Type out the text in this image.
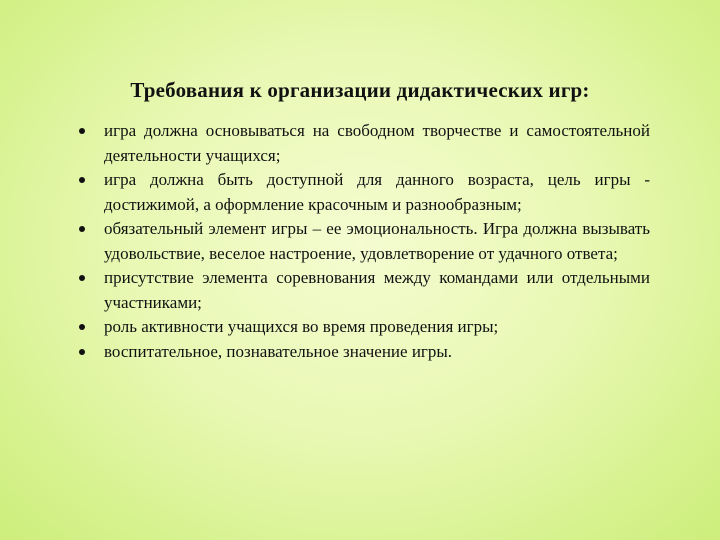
Требования к организации дидактических игр:
игра должна основываться на свободном творчестве и самостоятельной деятельности учащихся;
игра должна быть доступной для данного возраста, цель игры - достижимой, а оформление красочным и разнообразным;
обязательный элемент игры – ее эмоциональность. Игра должна вызывать удовольствие, веселое настроение, удовлетворение от удачного ответа;
присутствие элемента соревнования между командами или отдельными участниками;
роль активности учащихся во время проведения игры;
воспитательное, познавательное значение игры.
